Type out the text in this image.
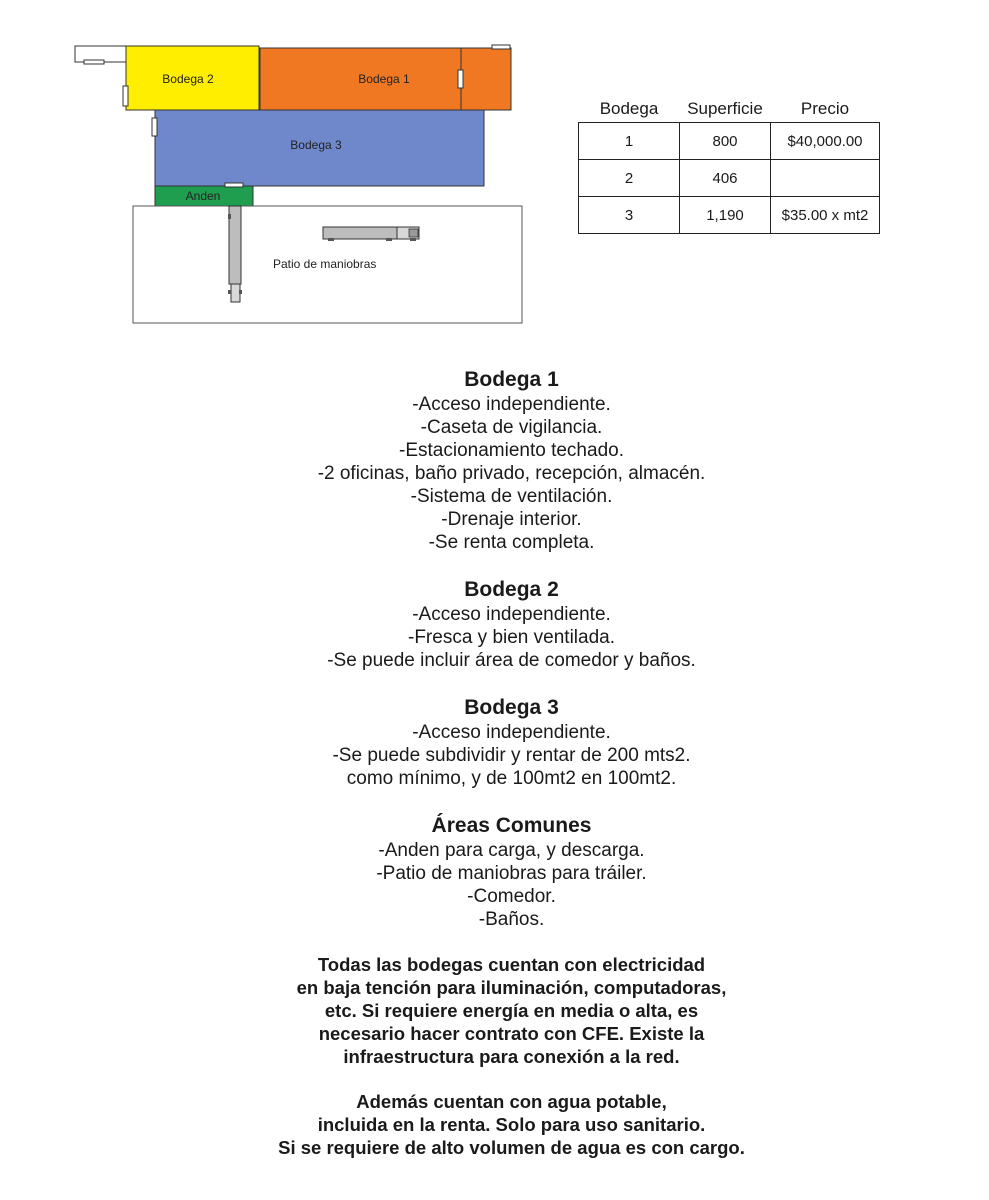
Bodega 2	Bodega 1
Bodega 3
Anden
Patio de maniobras
Bodega	Superficie	Precio
1	800	$40,000.00
2	406	
3	1,190	$35.00 x mt2
Bodega 1

-Acceso independiente.

-Caseta de vigilancia.

-Estacionamiento techado.

-2 oficinas, baño privado, recepción, almacén.

-Sistema de ventilación.

-Drenaje interior.

-Se renta completa.

Bodega 2

-Acceso independiente.

-Fresca y bien ventilada.

-Se puede incluir área de comedor y baños.

Bodega 3

-Acceso independiente.

-Se puede subdividir y rentar de 200 mts2.

como mínimo, y de 100mt2 en 100mt2.

Áreas Comunes

-Anden para carga, y descarga.

-Patio de maniobras para tráiler.

-Comedor.

-Baños.

Todas las bodegas cuentan con electricidad
en baja tención para iluminación, computadoras,
etc. Si requiere energía en media o alta, es
necesario hacer contrato con CFE. Existe la
infraestructura para conexión a la red.

Además cuentan con agua potable,
incluida en la renta. Solo para uso sanitario.
Si se requiere de alto volumen de agua es con cargo.
